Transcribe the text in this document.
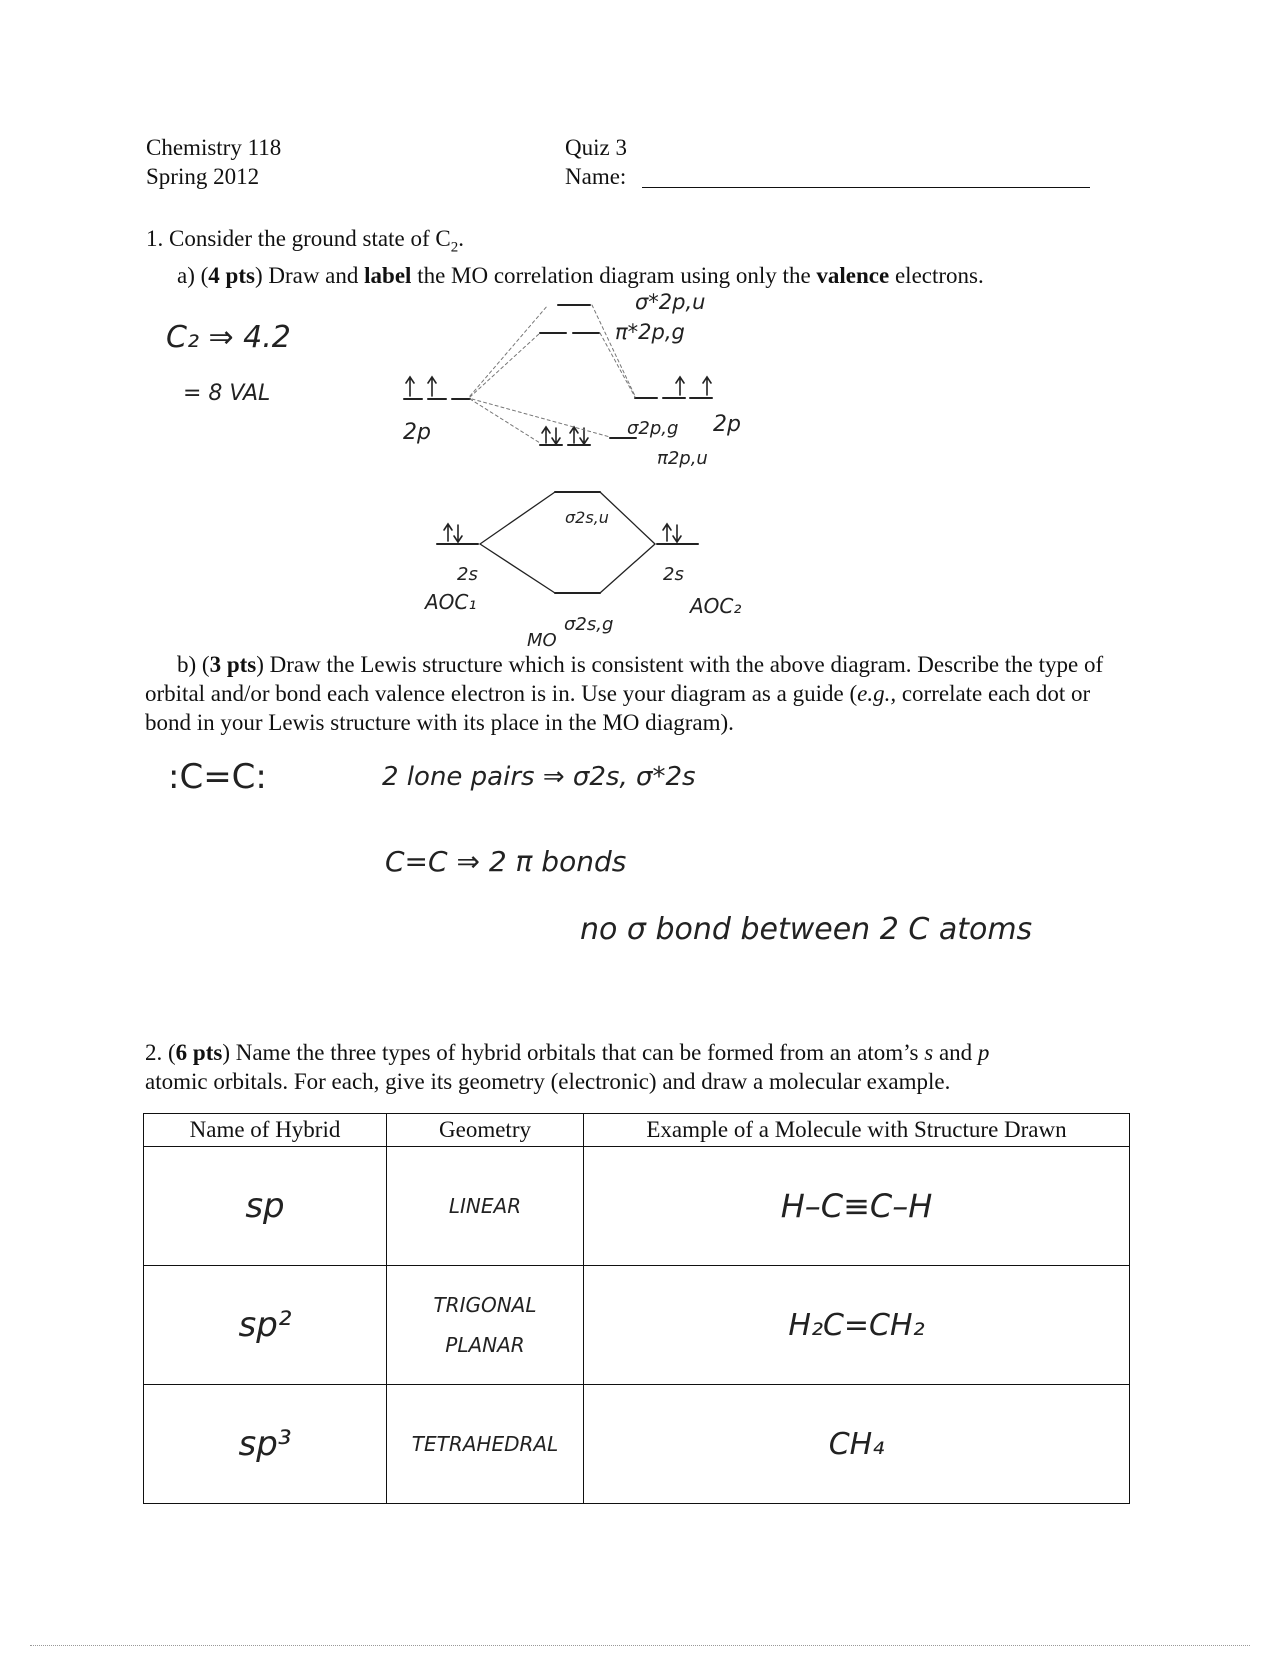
Chemistry 118
Spring 2012
Quiz 3
Name:
1. Consider the ground state of $C_2$.
a) (4 pts) Draw and label the MO correlation diagram using only the valence electrons.
C₂ ⇒ 4.2
= 8 VAL
σ*2p,u
π*2p,g
2p	2p
σ2p,g
π2p,u
σ2s,u
2s	2s
AOC₁	AOC₂
σ2s,g
MO
b) (3 pts) Draw the Lewis structure which is consistent with the above diagram. Describe the type of orbital and/or bond each valence electron is in. Use your diagram as a guide (e.g., correlate each dot or bond in your Lewis structure with its place in the MO diagram).
:C=C:	2 lone pairs ⇒ σ2s, σ*2s
C=C ⇒ 2 π bonds
no σ bond between 2 C atoms
2. (6 pts) Name the three types of hybrid orbitals that can be formed from an atom’s s and p
atomic orbitals. For each, give its geometry (electronic) and draw a molecular example.
Name of Hybrid	Geometry	Example of a Molecule with Structure Drawn
sp	LINEAR	H–C≡C–H
sp²	TRIGONAL PLANAR	H₂C=CH₂
sp³	TETRAHEDRAL	CH₄
